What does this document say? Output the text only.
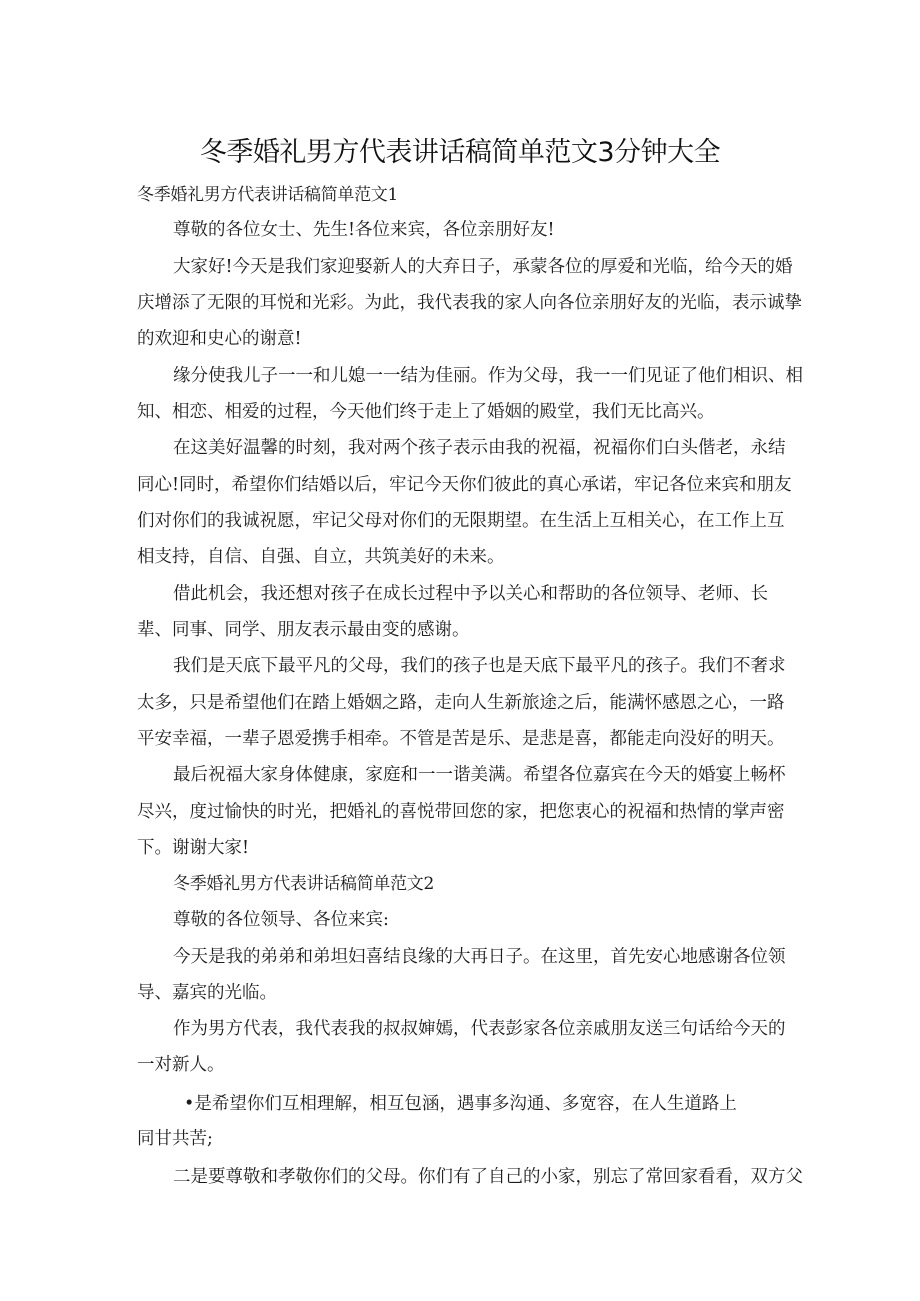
冬季婚礼男方代表讲话稿简单范文3分钟大全
冬季婚礼男方代表讲话稿简单范文1
尊敬的各位女士、先生!各位来宾，各位亲朋好友!
大家好!今天是我们家迎娶新人的大弃日子，承蒙各位的厚爱和光临，给今天的婚
庆增添了无限的耳悦和光彩。为此，我代表我的家人向各位亲朋好友的光临，表示诚挚
的欢迎和史心的谢意!
缘分使我儿子一一和儿媳一一结为佳丽。作为父母，我一一们见证了他们相识、相
知、相恋、相爱的过程，今天他们终于走上了婚姻的殿堂，我们无比高兴。
在这美好温馨的时刻，我对两个孩子表示由我的祝福，祝福你们白头偕老，永结
同心!同时，希望你们结婚以后，牢记今天你们彼此的真心承诺，牢记各位来宾和朋友
们对你们的我诚祝愿，牢记父母对你们的无限期望。在生活上互相关心，在工作上互
相支持，自信、自强、自立，共筑美好的未来。
借此机会，我还想对孩子在成长过程中予以关心和帮助的各位领导、老师、长
辈、同事、同学、朋友表示最由变的感谢。
我们是天底下最平凡的父母，我们的孩子也是天底下最平凡的孩子。我们不奢求
太多，只是希望他们在踏上婚姻之路，走向人生新旅途之后，能满怀感恩之心，一路
平安幸福，一辈子恩爱携手相牵。不管是苦是乐、是悲是喜，都能走向没好的明天。
最后祝福大家身体健康，家庭和一一谐美满。希望各位嘉宾在今天的婚宴上畅杯
尽兴，度过愉快的时光，把婚礼的喜悦带回您的家，把您衷心的祝福和热情的掌声密
下。谢谢大家!
冬季婚礼男方代表讲话稿简单范文2
尊敬的各位领导、各位来宾:
今天是我的弟弟和弟坦妇喜结良缘的大再日子。在这里，首先安心地感谢各位领
导、嘉宾的光临。
作为男方代表，我代表我的叔叔婶嫣，代表彭家各位亲戚朋友送三句话给今天的
一对新人。
•是希望你们互相理解，相互包涵，遇事多沟通、多宽容，在人生道路上
同甘共苦;
二是要尊敬和孝敬你们的父母。你们有了自己的小家，别忘了常回家看看，双方父
